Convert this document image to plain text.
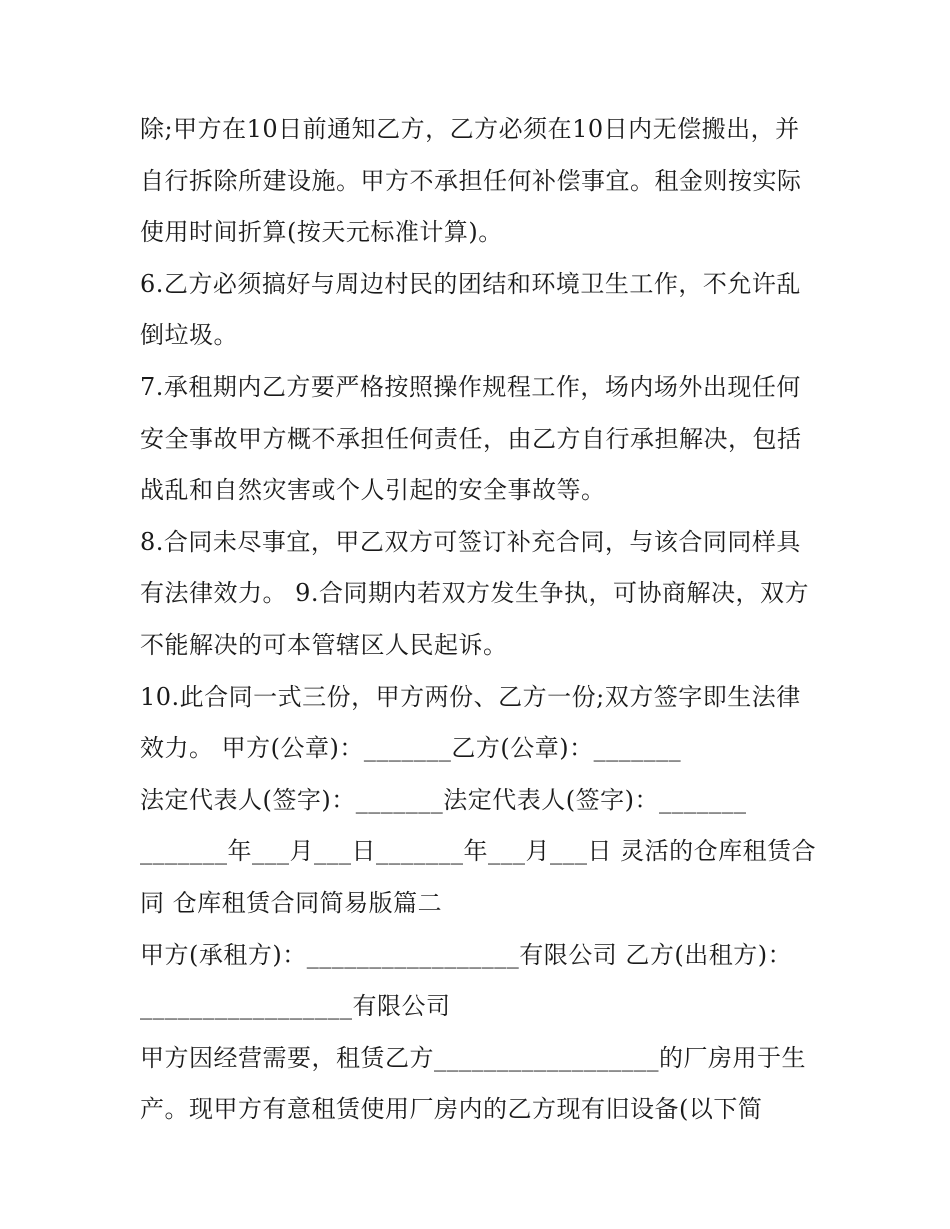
除;甲方在10日前通知乙方，乙方必须在10日内无偿搬出，并
自行拆除所建设施。甲方不承担任何补偿事宜。租金则按实际
使用时间折算(按天元标准计算)。
6.乙方必须搞好与周边村民的团结和环境卫生工作，不允许乱
倒垃圾。
7.承租期内乙方要严格按照操作规程工作，场内场外出现任何
安全事故甲方概不承担任何责任，由乙方自行承担解决，包括
战乱和自然灾害或个人引起的安全事故等。
8.合同未尽事宜，甲乙双方可签订补充合同，与该合同同样具
有法律效力。 9.合同期内若双方发生争执，可协商解决，双方
不能解决的可本管辖区人民起诉。
10.此合同一式三份，甲方两份、乙方一份;双方签字即生法律
效力。 甲方(公章)：_______乙方(公章)：_______
法定代表人(签字)：_______法定代表人(签字)：_______
_______年___月___日_______年___月___日 灵活的仓库租赁合
同 仓库租赁合同简易版篇二
甲方(承租方)：_________________有限公司 乙方(出租方)：
_________________有限公司
甲方因经营需要，租赁乙方__________________的厂房用于生
产。现甲方有意租赁使用厂房内的乙方现有旧设备(以下简
